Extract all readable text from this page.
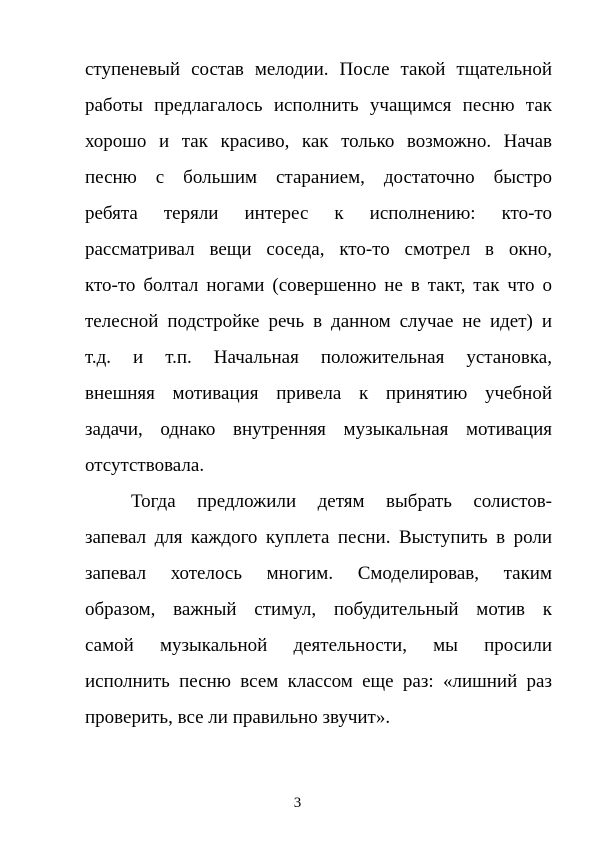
ступеневый состав мелодии. После такой тщательной
работы предлагалось исполнить учащимся песню так
хорошо и так красиво, как только возможно. Начав
песню с большим старанием, достаточно быстро
ребята теряли интерес к исполнению: кто-то
рассматривал вещи соседа, кто-то смотрел в окно,
кто-то болтал ногами (совершенно не в такт, так что о
телесной подстройке речь в данном случае не идет) и
т.д. и т.п. Начальная положительная установка,
внешняя мотивация привела к принятию учебной
задачи, однако внутренняя музыкальная мотивация
отсутствовала.
Тогда предложили детям выбрать солистов-
запевал для каждого куплета песни. Выступить в роли
запевал хотелось многим. Смоделировав, таким
образом, важный стимул, побудительный мотив к
самой музыкальной деятельности, мы просили
исполнить песню всем классом еще раз: «лишний раз
проверить, все ли правильно звучит».
3
